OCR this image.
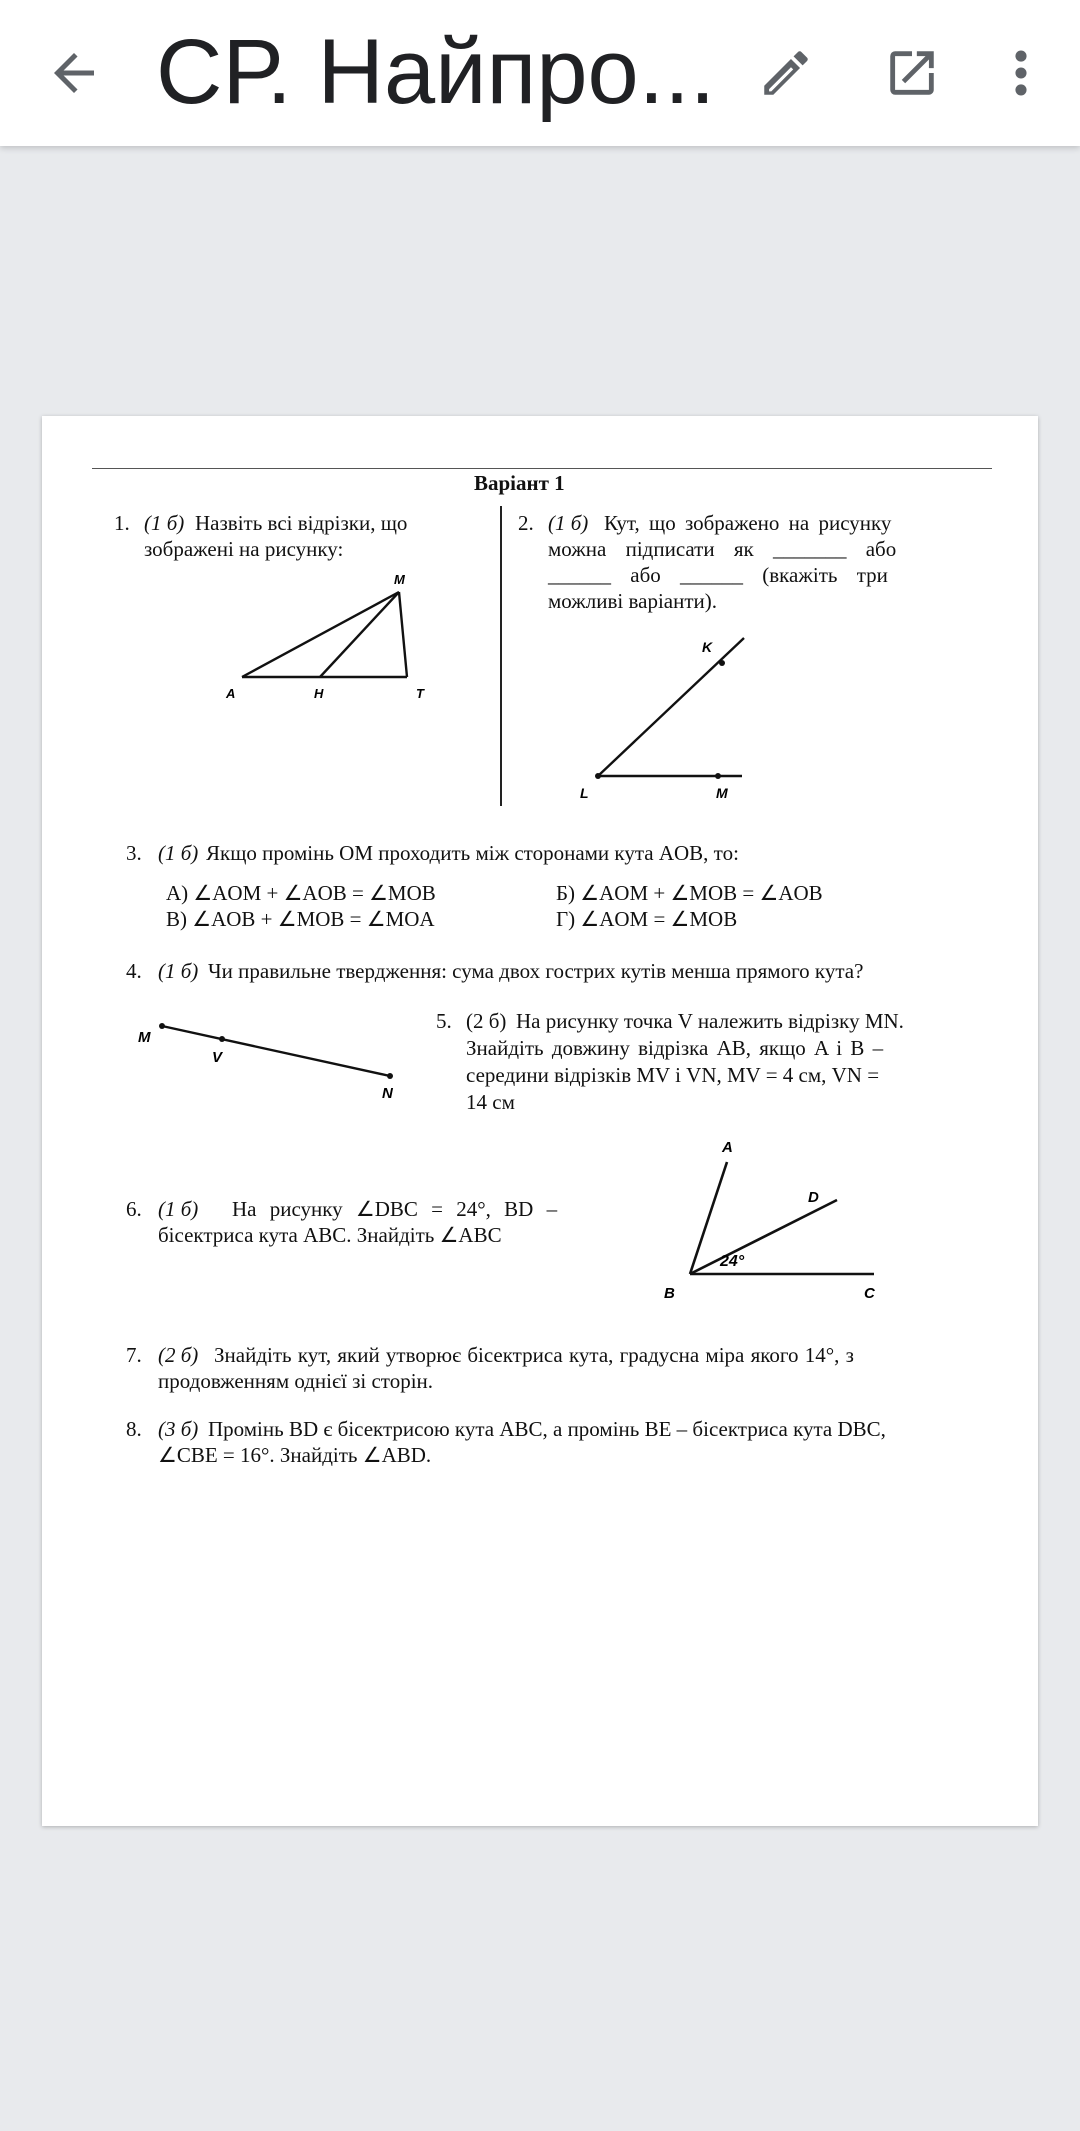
СР. Найпро...
Варіант 1
1. (1 б) Назвіть всі відрізки, що
зображені на рисунку:
M
A	H	T
2. (1 б) Кут, що зображено на рисунку
можна підписати як _______ або
______ або ______ (вкажіть три
можливі варіанти).
K
L	M
3. (1 б) Якщо промінь OM проходить між сторонами кута AOB, то:
А) ∠AOM + ∠AOB = ∠MOB	Б) ∠AOM + ∠MOB = ∠AOB
В) ∠AOB + ∠MOB = ∠MOA	Г) ∠AOM = ∠MOB
4. (1 б) Чи правильне твердження: сума двох гострих кутів менша прямого кута?
M
V
N
5. (2 б) На рисунку точка V належить відрізку MN.
Знайдіть довжину відрізка AB, якщо A і B –
середини відрізків MV і VN, MV = 4 см, VN =
14 см
6. (1 б) На рисунку ∠DBC = 24°, BD –
бісектриса кута ABC. Знайдіть ∠ABC
A
D
B	C
24°
7. (2 б) Знайдіть кут, який утворює бісектриса кута, градусна міра якого 14°, з
продовженням однієї зі сторін.
8. (3 б) Промінь BD є бісектрисою кута ABC, а промінь BE – бісектриса кута DBC,
∠CBE = 16°. Знайдіть ∠ABD.
